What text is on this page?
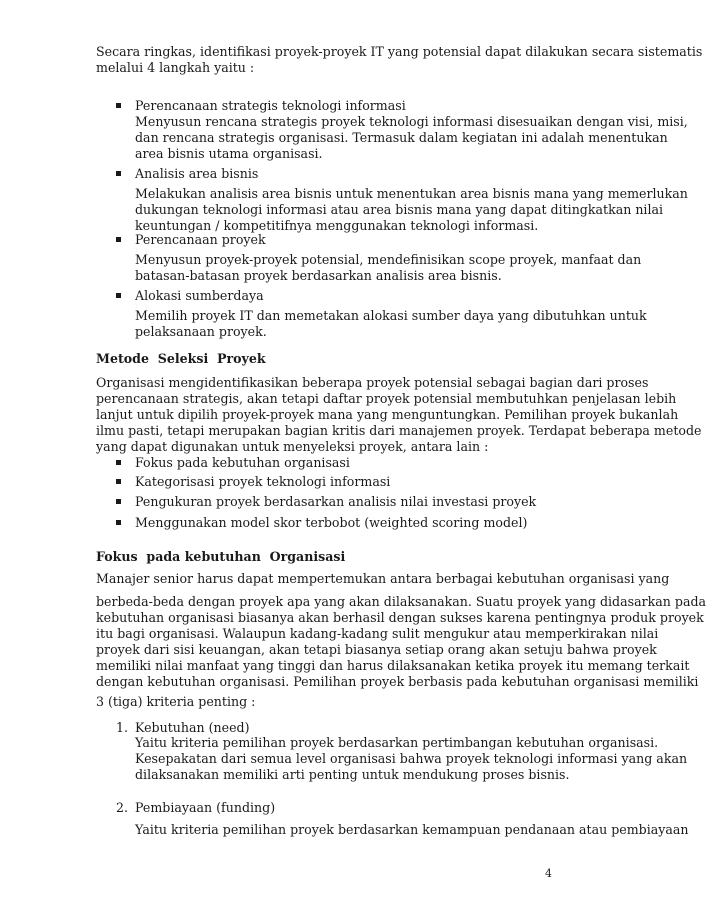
Secara ringkas, identifikasi proyek-proyek IT yang potensial dapat dilakukan secara sistematis
melalui 4 langkah yaitu :
Perencanaan strategis teknologi informasi
Menyusun rencana strategis proyek teknologi informasi disesuaikan dengan visi, misi,
dan rencana strategis organisasi. Termasuk dalam kegiatan ini adalah menentukan
area bisnis utama organisasi.
Analisis area bisnis
Melakukan analisis area bisnis untuk menentukan area bisnis mana yang memerlukan
dukungan teknologi informasi atau area bisnis mana yang dapat ditingkatkan nilai
keuntungan / kompetitifnya menggunakan teknologi informasi.
Perencanaan proyek
Menyusun proyek-proyek potensial, mendefinisikan scope proyek, manfaat dan
batasan-batasan proyek berdasarkan analisis area bisnis.
Alokasi sumberdaya
Memilih proyek IT dan memetakan alokasi sumber daya yang dibutuhkan untuk
pelaksanaan proyek.
Metode  Seleksi  Proyek
Organisasi mengidentifikasikan beberapa proyek potensial sebagai bagian dari proses
perencanaan strategis, akan tetapi daftar proyek potensial membutuhkan penjelasan lebih
lanjut untuk dipilih proyek-proyek mana yang menguntungkan. Pemilihan proyek bukanlah
ilmu pasti, tetapi merupakan bagian kritis dari manajemen proyek. Terdapat beberapa metode
yang dapat digunakan untuk menyeleksi proyek, antara lain :
Fokus pada kebutuhan organisasi
Kategorisasi proyek teknologi informasi
Pengukuran proyek berdasarkan analisis nilai investasi proyek
Menggunakan model skor terbobot (weighted scoring model)
Fokus  pada kebutuhan  Organisasi
Manajer senior harus dapat mempertemukan antara berbagai kebutuhan organisasi yang
berbeda-beda dengan proyek apa yang akan dilaksanakan. Suatu proyek yang didasarkan pada
kebutuhan organisasi biasanya akan berhasil dengan sukses karena pentingnya produk proyek
itu bagi organisasi. Walaupun kadang-kadang sulit mengukur atau memperkirakan nilai
proyek dari sisi keuangan, akan tetapi biasanya setiap orang akan setuju bahwa proyek
memiliki nilai manfaat yang tinggi dan harus dilaksanakan ketika proyek itu memang terkait
dengan kebutuhan organisasi. Pemilihan proyek berbasis pada kebutuhan organisasi memiliki
3 (tiga) kriteria penting :
1. Kebutuhan (need)
Yaitu kriteria pemilihan proyek berdasarkan pertimbangan kebutuhan organisasi.
Kesepakatan dari semua level organisasi bahwa proyek teknologi informasi yang akan
dilaksanakan memiliki arti penting untuk mendukung proses bisnis.
2. Pembiayaan (funding)
Yaitu kriteria pemilihan proyek berdasarkan kemampuan pendanaan atau pembiayaan
4
